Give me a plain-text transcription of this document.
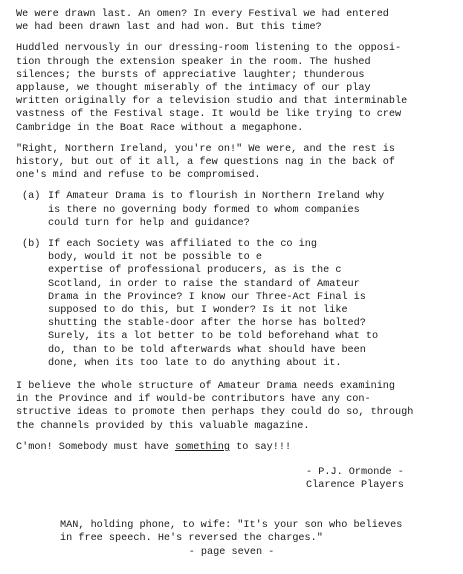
We were drawn last. An omen? In every Festival we had entered
we had been drawn last and had won. But this time?

Huddled nervously in our dressing-room listening to the opposi-
tion through the extension speaker in the room. The hushed
silences; the bursts of appreciative laughter; thunderous
applause, we thought miserably of the intimacy of our play
written originally for a television studio and that interminable
vastness of the Festival stage. It would be like trying to crew
Cambridge in the Boat Race without a megaphone.

"Right, Northern Ireland, you're on!" We were, and the rest is
history, but out of it all, a few questions nag in the back of
one's mind and refuse to be compromised.

(a) If Amateur Drama is to flourish in Northern Ireland why
is there no governing body formed to whom companies
could turn for help and guidance?
(b) If each Society was affiliated to the co ing
body, would it not be possible to e
expertise of professional producers, as is the c
Scotland, in order to raise the standard of Amateur
Drama in the Province? I know our Three-Act Final is
supposed to do this, but I wonder? Is it not like
shutting the stable-door after the horse has bolted?
Surely, its a lot better to be told beforehand what to
do, than to be told afterwards what should have been
done, when its too late to do anything about it.

I believe the whole structure of Amateur Drama needs examining
in the Province and if would-be contributors have any con-
structive ideas to promote then perhaps they could do so, through
the channels provided by this valuable magazine.

C'mon! Somebody must have something to say!!!

- P.J. Ormonde -
Clarence Players

MAN, holding phone, to wife: "It's your son who believes
in free speech. He's reversed the charges."

- page seven -
